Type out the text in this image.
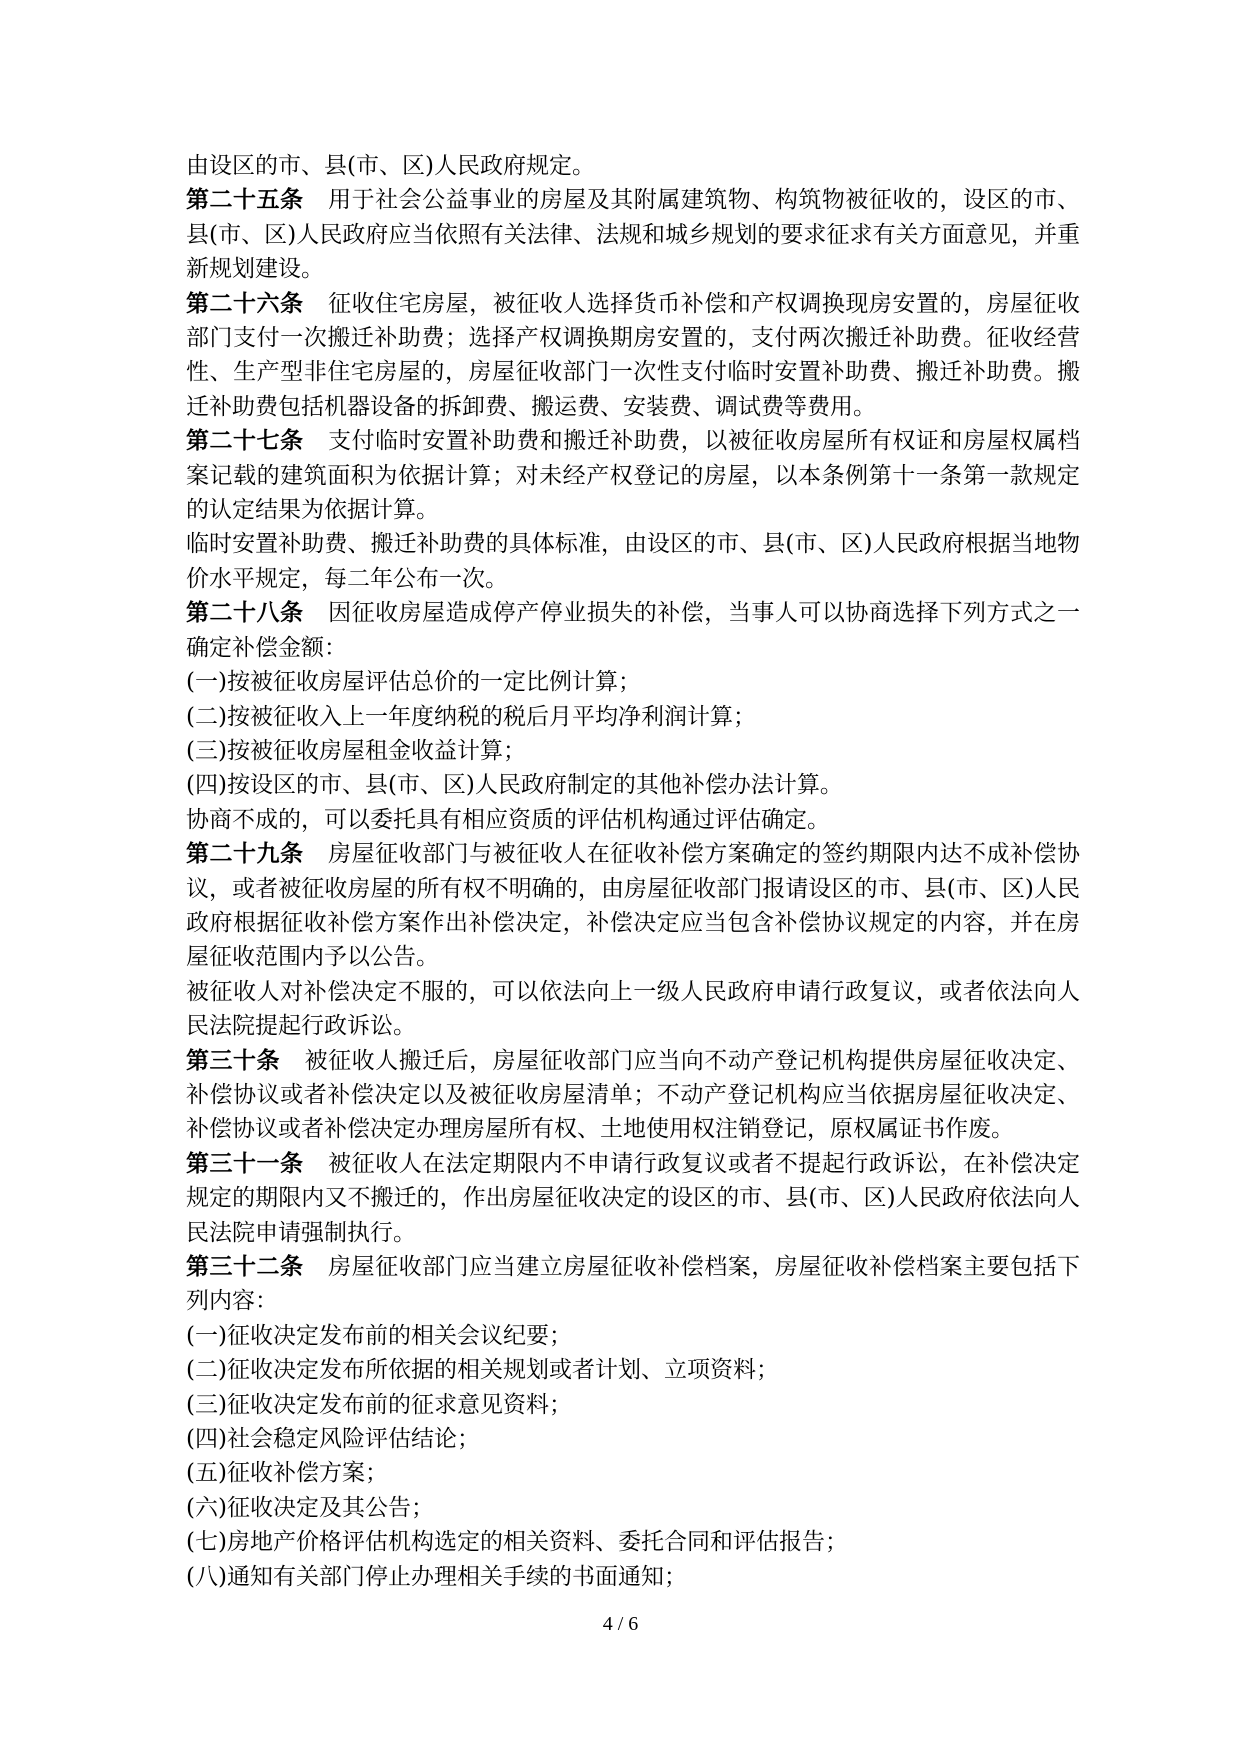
由设区的市、县(市、区)人民政府规定。

第二十五条 用于社会公益事业的房屋及其附属建筑物、构筑物被征收的，设区的市、县(市、区)人民政府应当依照有关法律、法规和城乡规划的要求征求有关方面意见，并重新规划建设。

第二十六条 征收住宅房屋，被征收人选择货币补偿和产权调换现房安置的，房屋征收部门支付一次搬迁补助费；选择产权调换期房安置的，支付两次搬迁补助费。征收经营性、生产型非住宅房屋的，房屋征收部门一次性支付临时安置补助费、搬迁补助费。搬迁补助费包括机器设备的拆卸费、搬运费、安装费、调试费等费用。

第二十七条 支付临时安置补助费和搬迁补助费，以被征收房屋所有权证和房屋权属档案记载的建筑面积为依据计算；对未经产权登记的房屋，以本条例第十一条第一款规定的认定结果为依据计算。

临时安置补助费、搬迁补助费的具体标准，由设区的市、县(市、区)人民政府根据当地物价水平规定，每二年公布一次。

第二十八条 因征收房屋造成停产停业损失的补偿，当事人可以协商选择下列方式之一确定补偿金额：

(一)按被征收房屋评估总价的一定比例计算；

(二)按被征收入上一年度纳税的税后月平均净利润计算；

(三)按被征收房屋租金收益计算；

(四)按设区的市、县(市、区)人民政府制定的其他补偿办法计算。

协商不成的，可以委托具有相应资质的评估机构通过评估确定。

第二十九条 房屋征收部门与被征收人在征收补偿方案确定的签约期限内达不成补偿协议，或者被征收房屋的所有权不明确的，由房屋征收部门报请设区的市、县(市、区)人民政府根据征收补偿方案作出补偿决定，补偿决定应当包含补偿协议规定的内容，并在房屋征收范围内予以公告。

被征收人对补偿决定不服的，可以依法向上一级人民政府申请行政复议，或者依法向人民法院提起行政诉讼。

第三十条 被征收人搬迁后，房屋征收部门应当向不动产登记机构提供房屋征收决定、补偿协议或者补偿决定以及被征收房屋清单；不动产登记机构应当依据房屋征收决定、补偿协议或者补偿决定办理房屋所有权、土地使用权注销登记，原权属证书作废。

第三十一条 被征收人在法定期限内不申请行政复议或者不提起行政诉讼，在补偿决定规定的期限内又不搬迁的，作出房屋征收决定的设区的市、县(市、区)人民政府依法向人民法院申请强制执行。

第三十二条 房屋征收部门应当建立房屋征收补偿档案，房屋征收补偿档案主要包括下列内容：

(一)征收决定发布前的相关会议纪要；

(二)征收决定发布所依据的相关规划或者计划、立项资料；

(三)征收决定发布前的征求意见资料；

(四)社会稳定风险评估结论；

(五)征收补偿方案；

(六)征收决定及其公告；

(七)房地产价格评估机构选定的相关资料、委托合同和评估报告；

(八)通知有关部门停止办理相关手续的书面通知；

4 / 6
